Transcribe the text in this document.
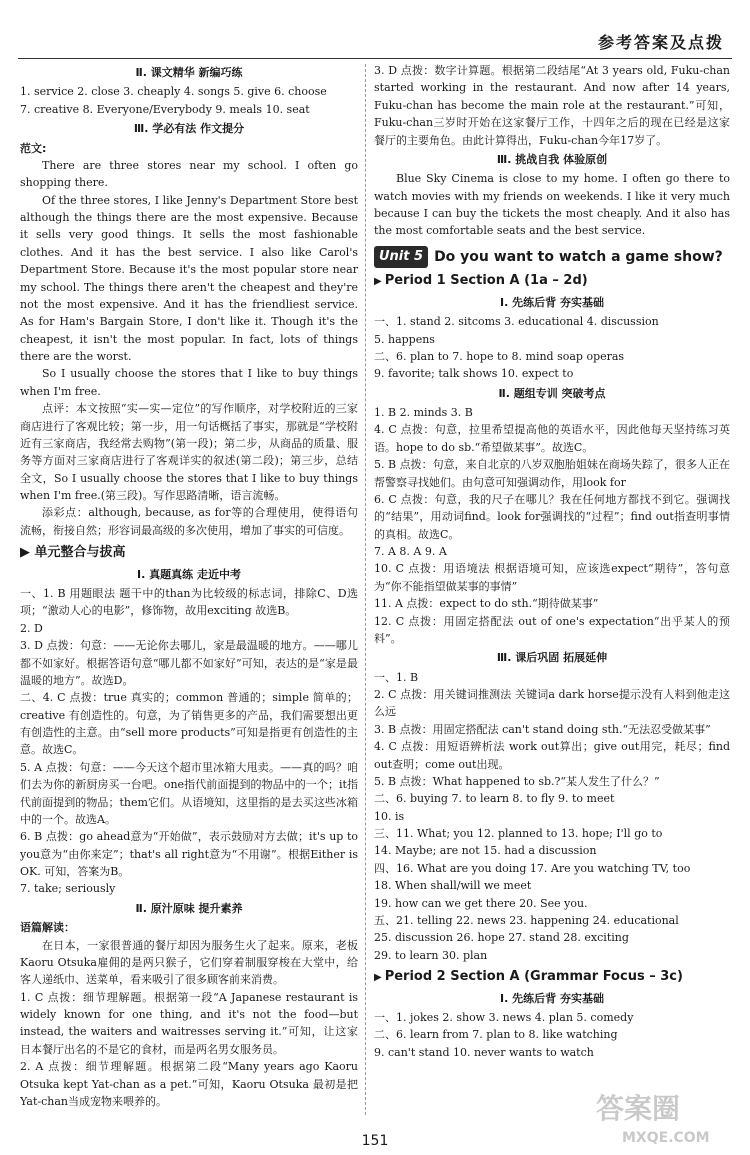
参考答案及点拨
Ⅱ. 课文精华 新编巧练

1. service 2. close 3. cheaply 4. songs 5. give 6. choose

7. creative 8. Everyone/Everybody 9. meals 10. seat

Ⅲ. 学必有法 作文提分
范文:

There are three stores near my school. I often go shopping there.

Of the three stores, I like Jenny's Department Store best although the things there are the most expensive. Because it sells very good things. It sells the most fashionable clothes. And it has the best service. I also like Carol's Department Store. Because it's the most popular store near my school. The things there aren't the cheapest and they're not the most expensive. And it has the friendliest service. As for Ham's Bargain Store, I don't like it. Though it's the cheapest, it isn't the most popular. In fact, lots of things there are the worst.

So I usually choose the stores that I like to buy things when I'm free.

点评：本文按照“实—实—定位”的写作顺序，对学校附近的三家商店进行了客观比较；第一步，用一句话概括了事实，那就是“学校附近有三家商店，我经常去购物”(第一段)；第二步，从商品的质量、服务等方面对三家商店进行了客观详实的叙述(第二段)；第三步，总结全文，So I usually choose the stores that I like to buy things when I'm free.(第三段)。写作思路清晰，语言流畅。

添彩点：although, because, as for等的合理使用，使得语句流畅，衔接自然；形容词最高级的多次使用，增加了事实的可信度。

▶ 单元整合与拔高
Ⅰ. 真题真练 走近中考

一、1. B 用题眼法 题干中的than为比较级的标志词，排除C、D选项；“激动人心的电影”，修饰物，故用exciting 故选B。

2. D

3. D 点拨：句意：——无论你去哪儿，家是最温暖的地方。——哪儿都不如家好。根据答语句意“哪儿都不如家好”可知，表达的是“家是最温暖的地方”。故选D。

二、4. C 点拨：true 真实的；common 普通的；simple 简单的；creative 有创造性的。句意，为了销售更多的产品，我们需要想出更有创造性的主意。由“sell more products”可知是指更有创造性的主意。故选C。

5. A 点拨：句意：——今天这个超市里冰箱大甩卖。——真的吗？咱们去为你的新厨房买一台吧。one指代前面提到的物品中的一个；it指代前面提到的物品；them它们。从语境知，这里指的是去买这些冰箱中的一个。故选A。

6. B 点拨：go ahead意为“开始做”，表示鼓励对方去做；it's up to you意为“由你来定”；that's all right意为“不用谢”。根据Either is OK. 可知，答案为B。

7. take; seriously

Ⅱ. 原汁原味 提升素养
语篇解读：

在日本，一家很普通的餐厅却因为服务生火了起来。原来，老板Kaoru Otsuka雇佣的是两只猴子，它们穿着制服穿梭在大堂中，给客人递纸巾、送菜单，看来吸引了很多顾客前来消费。

1. C 点拨：细节理解题。根据第一段“A Japanese restaurant is widely known for one thing, and it's not the food—but instead, the waiters and waitresses serving it.”可知，让这家日本餐厅出名的不是它的食材，而是两名男女服务员。

2. A 点拨：细节理解题。根据第二段“Many years ago Kaoru Otsuka kept Yat-chan as a pet.”可知，Kaoru Otsuka 最初是把Yat-chan当成宠物来喂养的。

3. D 点拨：数字计算题。根据第二段结尾“At 3 years old, Fuku-chan started working in the restaurant. And now after 14 years, Fuku-chan has become the main role at the restaurant.”可知，Fuku-chan三岁时开始在这家餐厅工作，十四年之后的现在已经是这家餐厅的主要角色。由此计算得出，Fuku-chan今年17岁了。

Ⅲ. 挑战自我 体验原创

Blue Sky Cinema is close to my home. I often go there to watch movies with my friends on weekends. I like it very much because I can buy the tickets the most cheaply. And it also has the most comfortable seats and the best service.

Unit 5 Do you want to watch a game show?
▶ Period 1 Section A (1a – 2d)
Ⅰ. 先练后背 夯实基础

一、1. stand 2. sitcoms 3. educational 4. discussion

5. happens

二、6. plan to 7. hope to 8. mind soap operas

9. favorite; talk shows 10. expect to

Ⅱ. 题组专训 突破考点

1. B 2. minds 3. B

4. C 点拨：句意，拉里希望提高他的英语水平，因此他每天坚持练习英语。hope to do sb.“希望做某事”。故选C。

5. B 点拨：句意，来自北京的八岁双胞胎姐妹在商场失踪了，很多人正在帮警察寻找她们。由句意可知强调动作，用look for

6. C 点拨：句意，我的尺子在哪儿？我在任何地方都找不到它。强调找的“结果”，用动词find。look for强调找的“过程”；find out指查明事情的真相。故选C。

7. A 8. A 9. A

10. C 点拨：用语境法 根据语境可知，应该选expect“期待”，答句意为“你不能指望做某事的事情”

11. A 点拨：expect to do sth.“期待做某事”

12. C 点拨：用固定搭配法 out of one's expectation“出乎某人的预料”。

Ⅲ. 课后巩固 拓展延伸

一、1. B

2. C 点拨：用关键词推测法 关键词a dark horse提示没有人料到他走这么远

3. B 点拨：用固定搭配法 can't stand doing sth.“无法忍受做某事”

4. C 点拨：用短语辨析法 work out算出；give out用完，耗尽；find out查明；come out出现。

5. B 点拨：What happened to sb.?“某人发生了什么？”

二、6. buying 7. to learn 8. to fly 9. to meet

10. is

三、11. What; you 12. planned to 13. hope; I'll go to

14. Maybe; are not 15. had a discussion

四、16. What are you doing 17. Are you watching TV, too

18. When shall/will we meet

19. how can we get there 20. See you.

五、21. telling 22. news 23. happening 24. educational

25. discussion 26. hope 27. stand 28. exciting

29. to learn 30. plan

▶ Period 2 Section A (Grammar Focus – 3c)
Ⅰ. 先练后背 夯实基础

一、1. jokes 2. show 3. news 4. plan 5. comedy

二、6. learn from 7. plan to 8. like watching

9. can't stand 10. never wants to watch

151
答案圈
MXQE.COM
